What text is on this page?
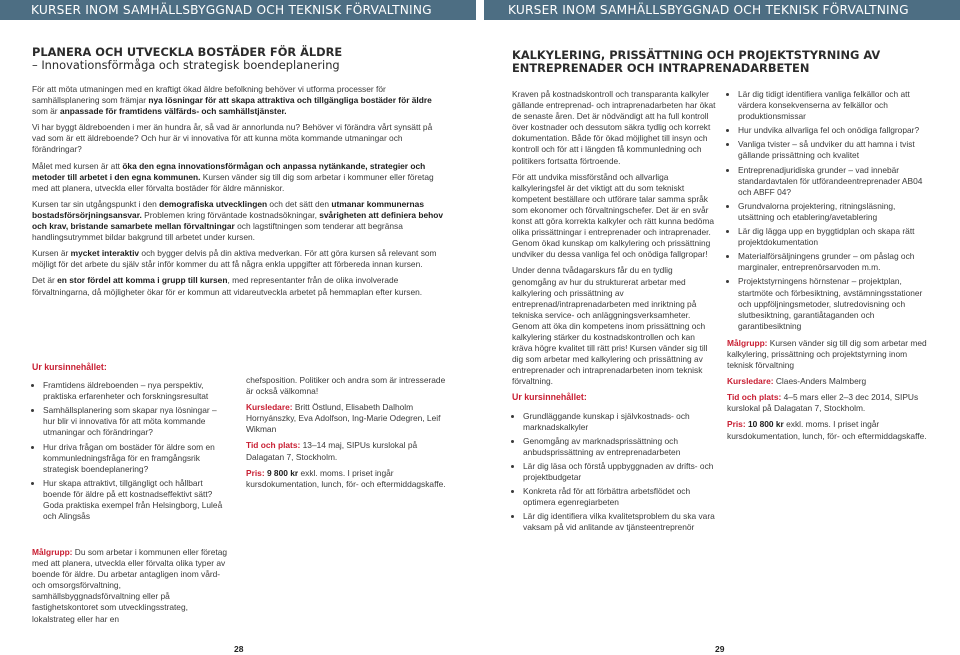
KURSER INOM SAMHÄLLSBYGGNAD OCH TEKNISK FÖRVALTNING	KURSER INOM SAMHÄLLSBYGGNAD OCH TEKNISK FÖRVALTNING
PLANERA OCH UTVECKLA BOSTÄDER FÖR ÄLDRE
– Innovationsförmåga och strategisk boendeplanering

För att möta utmaningen med en kraftigt ökad äldre befolkning behöver vi utforma processer för samhällsplanering som främjar nya lösningar för att skapa attraktiva och tillgängliga bostäder för äldre som är anpassade för framtidens välfärds- och samhällstjänster.

Vi har byggt äldreboenden i mer än hundra år, så vad är annorlunda nu? Behöver vi förändra vårt synsätt på vad som är ett äldreboende? Och hur är vi innovativa för att kunna möta kommande utmaningar och förändringar?

Målet med kursen är att öka den egna innovationsförmågan och anpassa nytänkande, strategier och metoder till arbetet i den egna kommunen. Kursen vänder sig till dig som arbetar i kommuner eller företag med att planera, utveckla eller förvalta bostäder för äldre människor.

Kursen tar sin utgångspunkt i den demografiska utvecklingen och det sätt den utmanar kommunernas bostadsförsörjningsansvar. Problemen kring förväntade kostnadsökningar, svårigheten att definiera behov och krav, bristande samarbete mellan förvaltningar och lagstiftningen som tenderar att begränsa handlingsutrymmet bildar bakgrund till arbetet under kursen.

Kursen är mycket interaktiv och bygger delvis på din aktiva medverkan. För att göra kursen så relevant som möjligt för det arbete du själv står inför kommer du att få några enkla uppgifter att förbereda innan kursen.

Det är en stor fördel att komma i grupp till kursen, med representanter från de olika involverade förvaltningarna, då möjligheter ökar för er kommun att vidareutveckla arbetet på hemmaplan efter kursen.

Ur kursinnehållet:
• Framtidens äldreboenden – nya perspektiv, praktiska erfarenheter och forskningsresultat
• Samhällsplanering som skapar nya lösningar – hur blir vi innovativa för att möta kommande utmaningar och förändringar?
• Hur driva frågan om bostäder för äldre som en kommunledningsfråga för en framgångsrik strategisk boendeplanering?
• Hur skapa attraktivt, tillgängligt och hållbart boende för äldre på ett kostnadseffektivt sätt? Goda praktiska exempel från Helsingborg, Luleå och Alingsås

Målgrupp: Du som arbetar i kommunen eller företag med att planera, utveckla eller förvalta olika typer av boende för äldre. Du arbetar antagligen inom vård- och omsorgsförvaltning, samhällsbyggnadsförvaltning eller på fastighetskontoret som utvecklingsstrateg, lokalstrateg eller har en

chefsposition. Politiker och andra som är intresserade är också välkomna!

Kursledare: Britt Östlund, Elisabeth Dalholm Hornyánszky, Eva Adolfson, Ing-Marie Odegren, Leif Wikman

Tid och plats: 13–14 maj, SIPUs kurslokal på Dalagatan 7, Stockholm.

Pris: 9 800 kr exkl. moms. I priset ingår kursdokumentation, lunch, för- och eftermiddagskaffe.

28
KALKYLERING, PRISSÄTTNING OCH PROJEKTSTYRNING AV ENTREPRENADER OCH INTRAPRENADARBETEN

Kraven på kostnadskontroll och transparanta kalkyler gällande entreprenad- och intraprenadarbeten har ökat de senaste åren. Det är nödvändigt att ha full kontroll över kostnader och dessutom säkra tydlig och korrekt dokumentation. Både för ökad möjlighet till insyn och kontroll och för att i längden få kommunledning och politikers fortsatta förtroende.

För att undvika missförstånd och allvarliga kalkyleringsfel är det viktigt att du som tekniskt kompetent beställare och utförare talar samma språk som ekonomer och förvaltningschefer. Det är en svår konst att göra korrekta kalkyler och rätt kunna bedöma olika prissättningar i entreprenader och intraprenader. Genom ökad kunskap om kalkylering och prissättning undviker du dessa vanliga fel och onödiga fallgropar!

Under denna tvådagarskurs får du en tydlig genomgång av hur du strukturerat arbetar med kalkylering och prissättning av entreprenad/intraprenadarbeten med inriktning på tekniska service- och anläggningsverksamheter. Genom att öka din kompetens inom prissättning och kalkylering stärker du kostnadskontrollen och kan kräva högre kvalitet till rätt pris! Kursen vänder sig till dig som arbetar med kalkylering och prissättning av entreprenader och intraprenadarbeten inom teknisk förvaltning.

Ur kursinnehållet:
• Grundläggande kunskap i självkostnads- och marknadskalkyler
• Genomgång av marknadsprissättning och anbudsprissättning av entreprenadarbeten
• Lär dig läsa och förstå uppbyggnaden av drifts- och projektbudgetar
• Konkreta råd för att förbättra arbetsflödet och optimera egenregiarbeten
• Lär dig identifiera vilka kvalitetsproblem du ska vara vaksam på vid anlitande av tjänsteentreprenör
• Lär dig tidigt identifiera vanliga felkällor och att värdera konsekvenserna av felkällor och produktionsmissar
• Hur undvika allvarliga fel och onödiga fallgropar?
• Vanliga tvister – så undviker du att hamna i tvist gällande prissättning och kvalitet
• Entreprenadjuridiska grunder – vad innebär standardavtalen för utförandeentreprenader AB04 och ABFF 04?
• Grundvalorna projektering, ritningsläsning, utsättning och etablering/avetablering
• Lär dig lägga upp en byggtidplan och skapa rätt projektdokumentation
• Materialförsäljningens grunder – om påslag och marginaler, entreprenörsarvoden m.m.
• Projektstyrningens hörnstenar – projektplan, startmöte och förbesiktning, avstämningsstationer och uppföljningsmetoder, slutredovisning och slutbesiktning, garantiåtaganden och garantibesiktning

Målgrupp: Kursen vänder sig till dig som arbetar med kalkylering, prissättning och projektstyrning inom teknisk förvaltning

Kursledare: Claes-Anders Malmberg

Tid och plats: 4–5 mars eller 2–3 dec 2014, SIPUs kurslokal på Dalagatan 7, Stockholm.

Pris: 10 800 kr exkl. moms. I priset ingår kursdokumentation, lunch, för- och eftermiddagskaffe.

29
